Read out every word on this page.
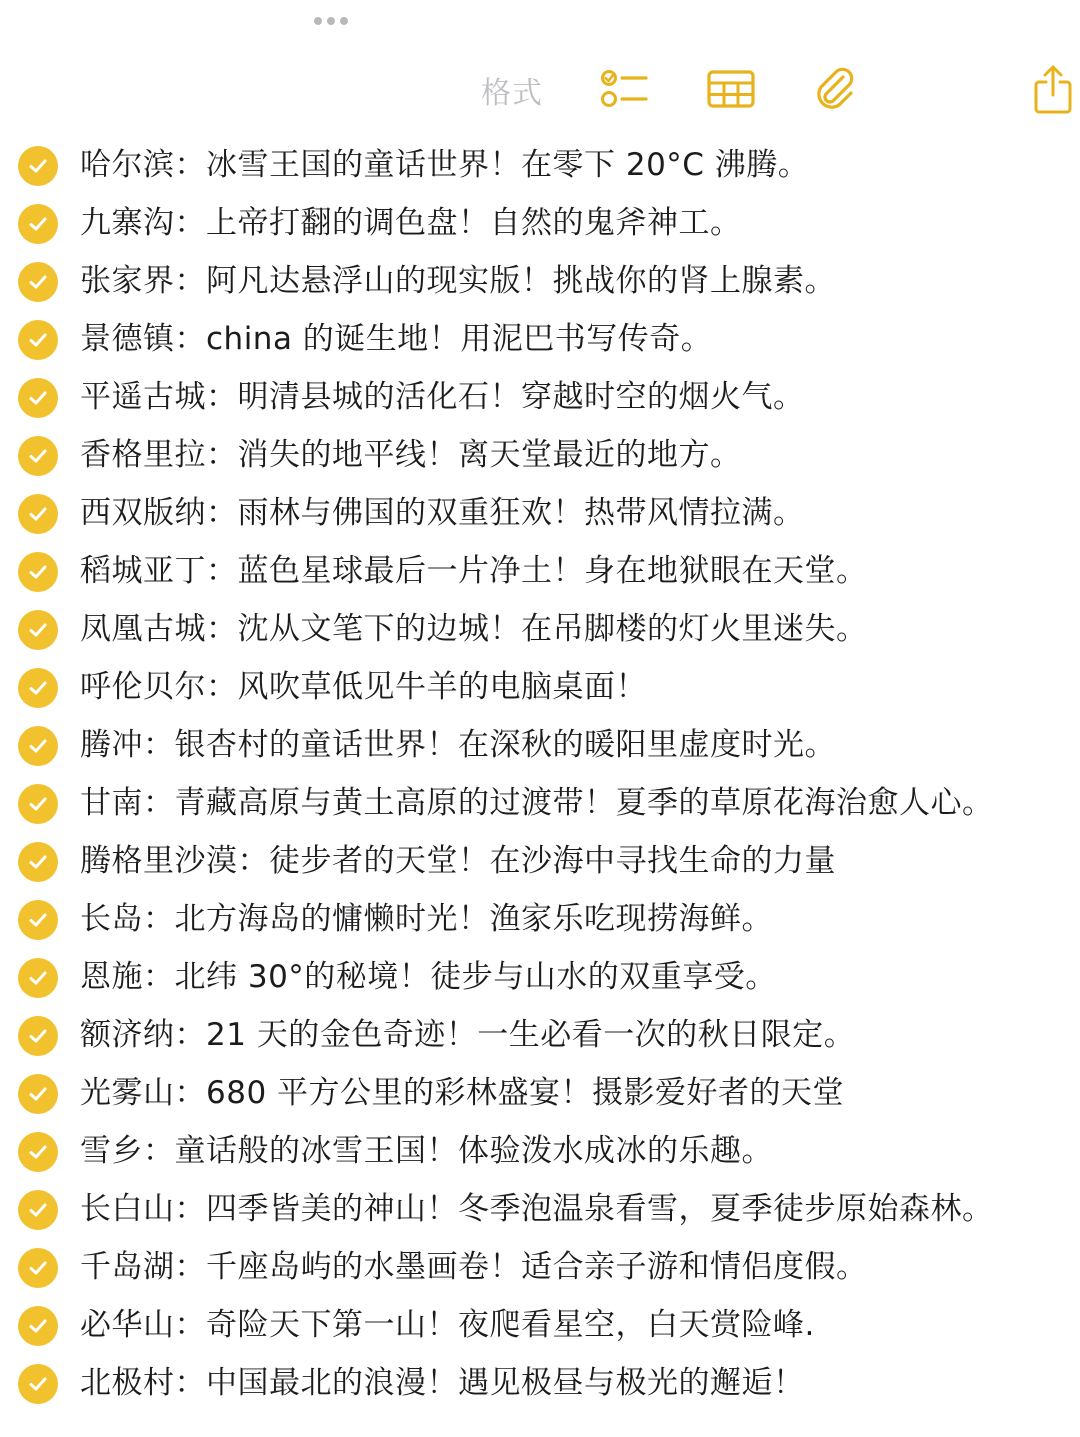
格式
哈尔滨：冰雪王国的童话世界！在零下 20°C 沸腾。
九寨沟：上帝打翻的调色盘！自然的鬼斧神工。
张家界：阿凡达悬浮山的现实版！挑战你的肾上腺素。
景德镇：china 的诞生地！用泥巴书写传奇。
平遥古城：明清县城的活化石！穿越时空的烟火气。
香格里拉：消失的地平线！离天堂最近的地方。
西双版纳：雨林与佛国的双重狂欢！热带风情拉满。
稻城亚丁：蓝色星球最后一片净土！身在地狱眼在天堂。
凤凰古城：沈从文笔下的边城！在吊脚楼的灯火里迷失。
呼伦贝尔：风吹草低见牛羊的电脑桌面！
腾冲：银杏村的童话世界！在深秋的暖阳里虚度时光。
甘南：青藏高原与黄土高原的过渡带！夏季的草原花海治愈人心。
腾格里沙漠：徒步者的天堂！在沙海中寻找生命的力量
长岛：北方海岛的慵懒时光！渔家乐吃现捞海鲜。
恩施：北纬 30°的秘境！徒步与山水的双重享受。
额济纳：21 天的金色奇迹！一生必看一次的秋日限定。
光雾山：680 平方公里的彩林盛宴！摄影爱好者的天堂
雪乡：童话般的冰雪王国！体验泼水成冰的乐趣。
长白山：四季皆美的神山！冬季泡温泉看雪，夏季徒步原始森林。
千岛湖：千座岛屿的水墨画卷！适合亲子游和情侣度假。
必华山：奇险天下第一山！夜爬看星空，白天赏险峰.
北极村：中国最北的浪漫！遇见极昼与极光的邂逅！
